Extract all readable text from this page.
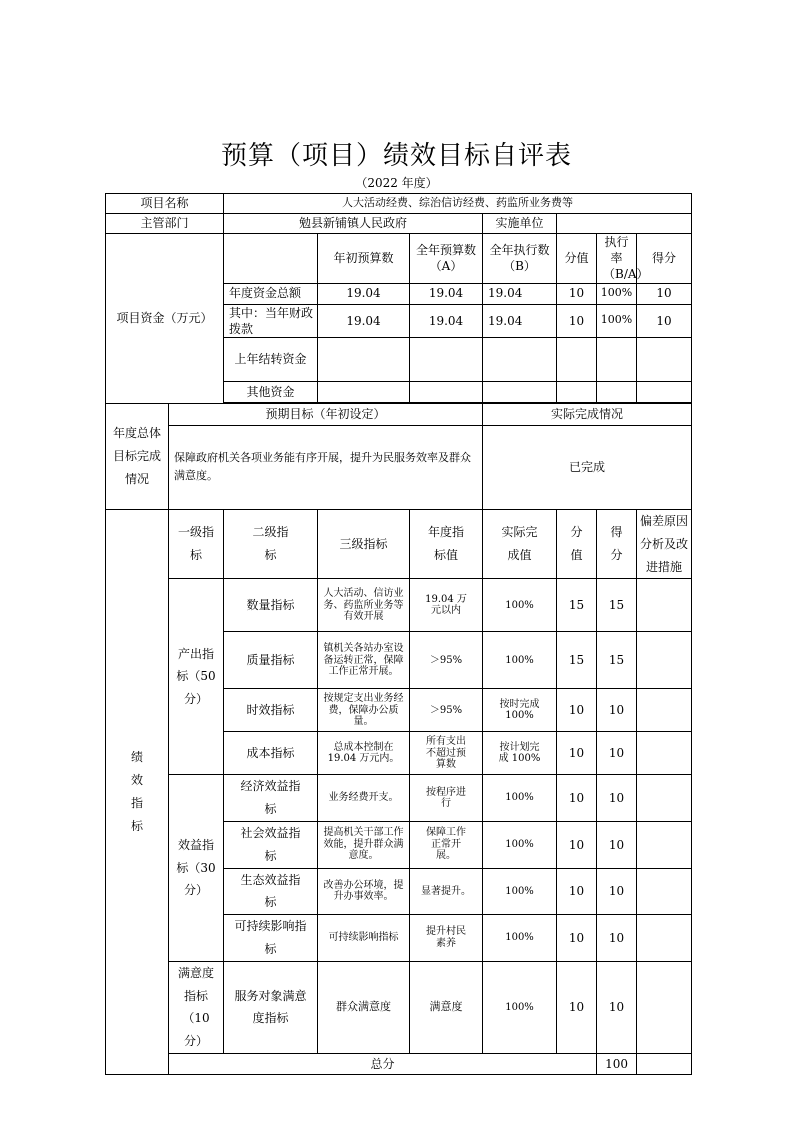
预算（项目）绩效目标自评表
（2022 年度）
项目名称		人大活动经费、综治信访经费、药监所业务费等							
主管部门		勉县新铺镇人民政府			实施单位				
项目资金（万元）			年初预算数	全年预算数（A）	全年执行数（B）	分值	执行率（B/A）	得分	
		年度资金总额	19.04	19.04	19.04	10	100%	10	
		其中：当年财政拨款	19.04	19.04	19.04	10	100%	10	
		上年结转资金							
		其他资金							

年度总体目标完成情况	预期目标（年初设定）				实际完成情况				
	保障政府机关各项业务能有序开展，提升为民服务效率及群众满意度。				已完成				
绩效指标	一级指标	二级指标	三级指标	年度指标值	实际完成值	分值	得分	偏差原因分析及改进措施	
	产出指标（50分）	数量指标	人大活动、信访业务、药监所业务等有效开展	19.04 万元以内	100%	15	15		
		质量指标	镇机关各站办室设备运转正常，保障工作正常开展。	＞95%	100%	15	15		
		时效指标	按规定支出业务经费，保障办公质量。	＞95%	按时完成 100%	10	10		
		成本指标	总成本控制在 19.04 万元内。	所有支出不超过预算数	按计划完成 100%	10	10		
	效益指标（30分）	经济效益指标	业务经费开支。	按程序进行	100%	10	10		
		社会效益指标	提高机关干部工作效能，提升群众满意度。	保障工作正常开展。	100%	10	10		
		生态效益指标	改善办公环境，提升办事效率。	显著提升。	100%	10	10		
		可持续影响指标	可持续影响指标	提升村民素养	100%	10	10		
	满意度指标（10分）	服务对象满意度指标	群众满意度	满意度	100%	10	10		
	总分						100		
